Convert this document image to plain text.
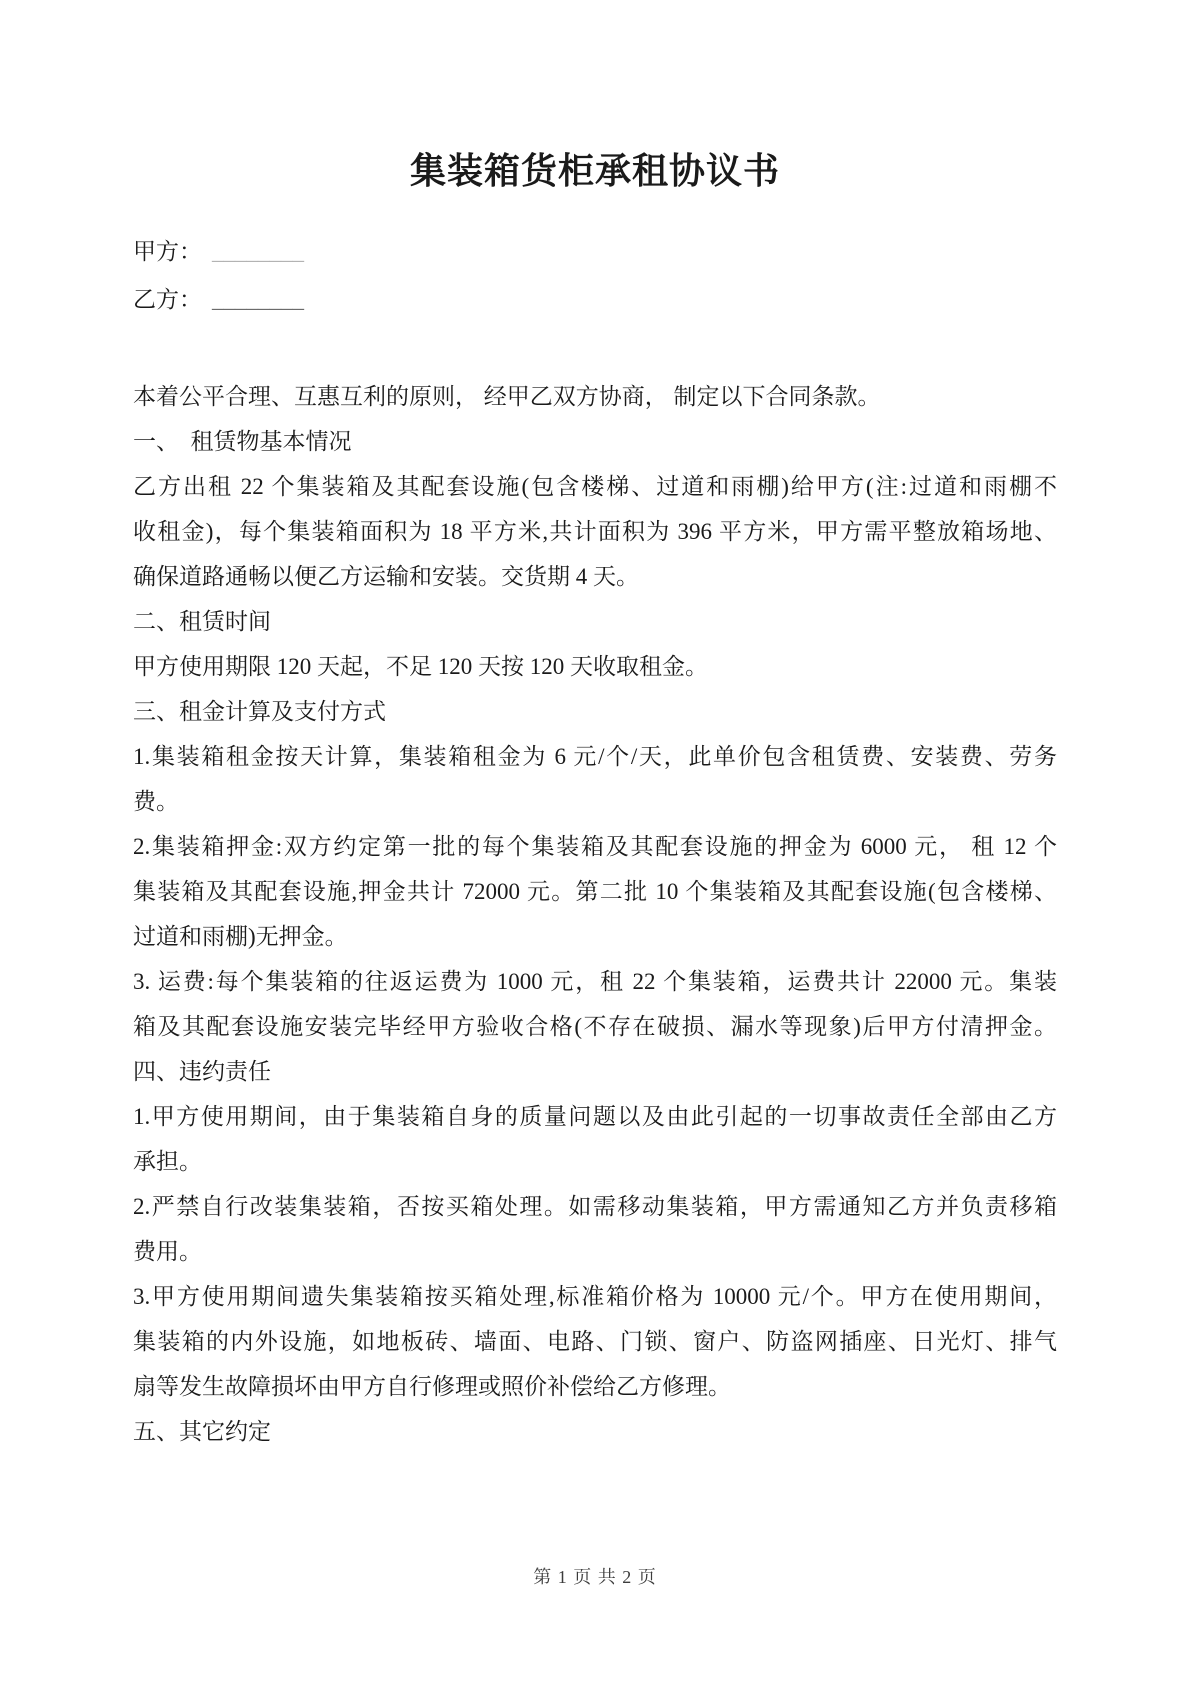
集装箱货柜承租协议书
甲方： ________
乙方： ________
本着公平合理、互惠互利的原则， 经甲乙双方协商， 制定以下合同条款。
一、　租赁物基本情况
乙方出租 22 个集装箱及其配套设施(包含楼梯、过道和雨棚)给甲方(注:过道和雨棚不
收租金)，每个集装箱面积为 18 平方米,共计面积为 396 平方米，甲方需平整放箱场地、
确保道路通畅以便乙方运输和安装。交货期 4 天。
二、租赁时间
甲方使用期限 120 天起，不足 120 天按 120 天收取租金。
三、租金计算及支付方式
1.集装箱租金按天计算，集装箱租金为 6 元/个/天，此单价包含租赁费、安装费、劳务
费。
2.集装箱押金:双方约定第一批的每个集装箱及其配套设施的押金为 6000 元， 租 12 个
集装箱及其配套设施,押金共计 72000 元。第二批 10 个集装箱及其配套设施(包含楼梯、
过道和雨棚)无押金。
3. 运费:每个集装箱的往返运费为 1000 元，租 22 个集装箱，运费共计 22000 元。集装
箱及其配套设施安装完毕经甲方验收合格(不存在破损、漏水等现象)后甲方付清押金。
四、违约责任
1.甲方使用期间，由于集装箱自身的质量问题以及由此引起的一切事故责任全部由乙方
承担。
2.严禁自行改装集装箱，否按买箱处理。如需移动集装箱，甲方需通知乙方并负责移箱
费用。
3.甲方使用期间遗失集装箱按买箱处理,标准箱价格为 10000 元/个。甲方在使用期间，
集装箱的内外设施，如地板砖、墙面、电路、门锁、窗户、防盗网插座、日光灯、排气
扇等发生故障损坏由甲方自行修理或照价补偿给乙方修理。
五、其它约定
第 1 页 共 2 页
